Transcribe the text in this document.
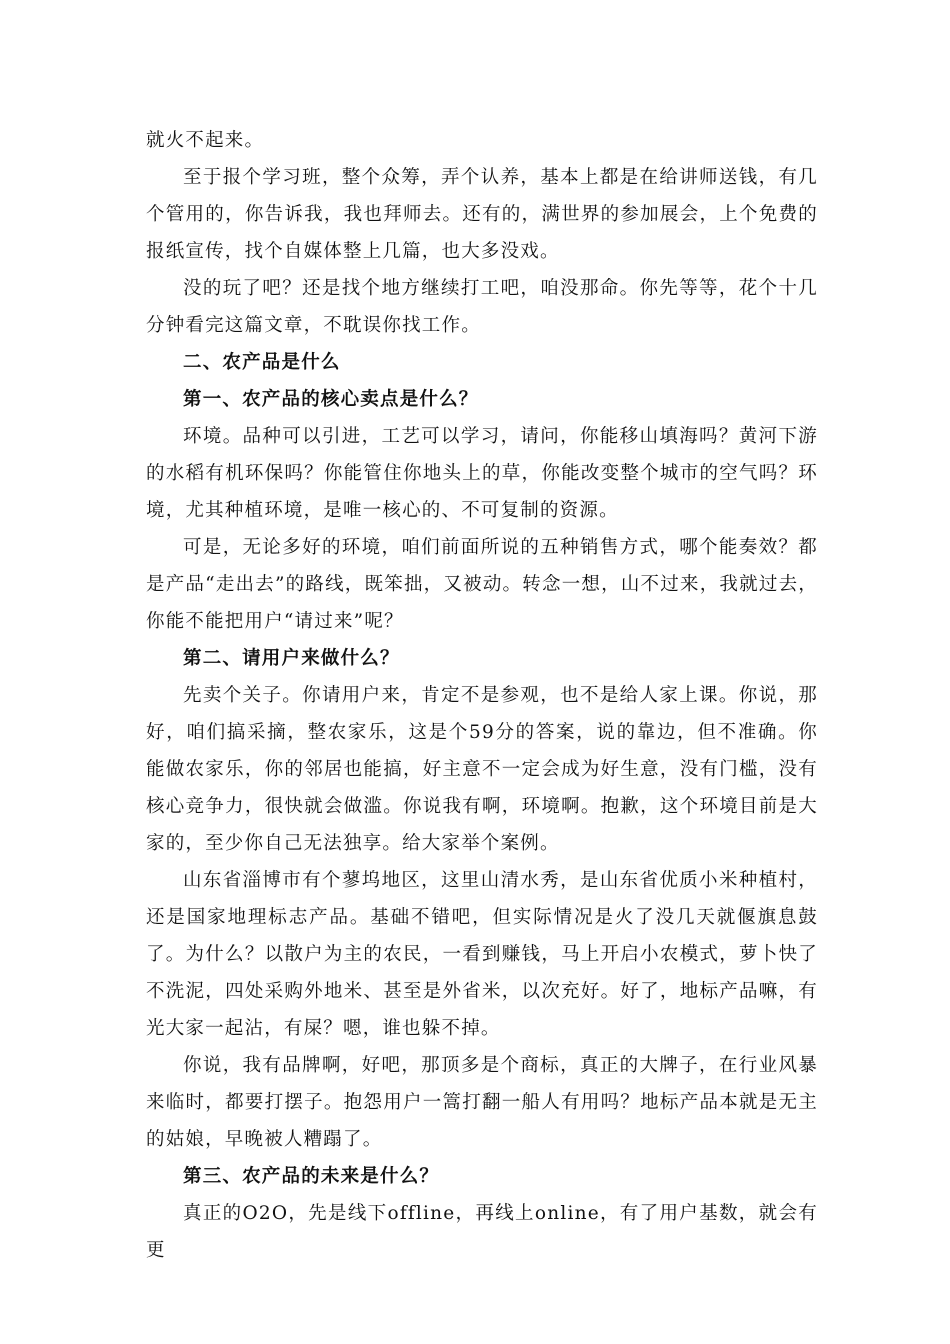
就火不起来。

至于报个学习班，整个众筹，弄个认养，基本上都是在给讲师送钱，有几个管用的，你告诉我，我也拜师去。还有的，满世界的参加展会，上个免费的报纸宣传，找个自媒体整上几篇，也大多没戏。

没的玩了吧？还是找个地方继续打工吧，咱没那命。你先等等，花个十几分钟看完这篇文章，不耽误你找工作。

二、农产品是什么

第一、农产品的核心卖点是什么？

环境。品种可以引进，工艺可以学习，请问，你能移山填海吗？黄河下游的水稻有机环保吗？你能管住你地头上的草，你能改变整个城市的空气吗？环境，尤其种植环境，是唯一核心的、不可复制的资源。

可是，无论多好的环境，咱们前面所说的五种销售方式，哪个能奏效？都是产品“走出去”的路线，既笨拙，又被动。转念一想，山不过来，我就过去，你能不能把用户“请过来”呢？

第二、请用户来做什么？

先卖个关子。你请用户来，肯定不是参观，也不是给人家上课。你说，那好，咱们搞采摘，整农家乐，这是个59分的答案，说的靠边，但不准确。你能做农家乐，你的邻居也能搞，好主意不一定会成为好生意，没有门槛，没有核心竞争力，很快就会做滥。你说我有啊，环境啊。抱歉，这个环境目前是大家的，至少你自己无法独享。给大家举个案例。

山东省淄博市有个蓼坞地区，这里山清水秀，是山东省优质小米种植村，还是国家地理标志产品。基础不错吧，但实际情况是火了没几天就偃旗息鼓了。为什么？以散户为主的农民，一看到赚钱，马上开启小农模式，萝卜快了不洗泥，四处采购外地米、甚至是外省米，以次充好。好了，地标产品嘛，有光大家一起沾，有屎？嗯，谁也躲不掉。

你说，我有品牌啊，好吧，那顶多是个商标，真正的大牌子，在行业风暴来临时，都要打摆子。抱怨用户一篙打翻一船人有用吗？地标产品本就是无主的姑娘，早晚被人糟蹋了。

第三、农产品的未来是什么？

真正的O2O，先是线下offline，再线上online，有了用户基数，就会有更
